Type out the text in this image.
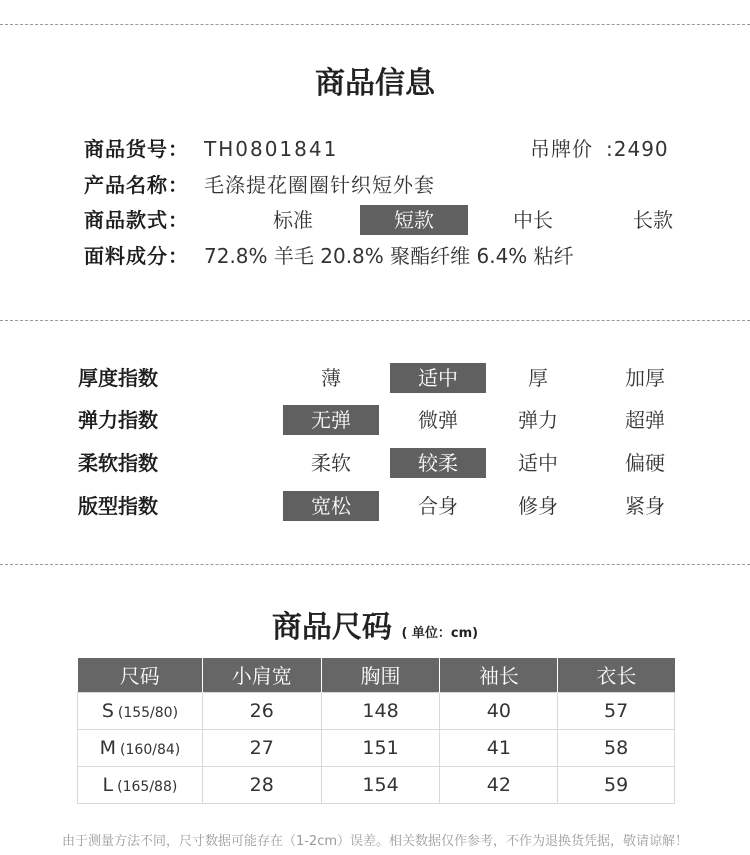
商品信息
商品货号： TH0801841	吊牌价 :2490
产品名称： 毛涤提花圈圈针织短外套
商品款式：	标准	短款	中长	长款
面料成分： 72.8% 羊毛 20.8% 聚酯纤维 6.4% 粘纤
厚度指数	薄	适中	厚	加厚
弹力指数	无弹	微弹	弹力	超弹
柔软指数	柔软	较柔	适中	偏硬
版型指数	宽松	合身	修身	紧身
商品尺码 ( 单位：cm)
尺码	小肩宽	胸围	袖长	衣长
S (155/80)	26	148	40	57
M (160/84)	27	151	41	58
L (165/88)	28	154	42	59
由于测量方法不同，尺寸数据可能存在（1-2cm）误差。相关数据仅作参考，不作为退换货凭据，敬请谅解！
